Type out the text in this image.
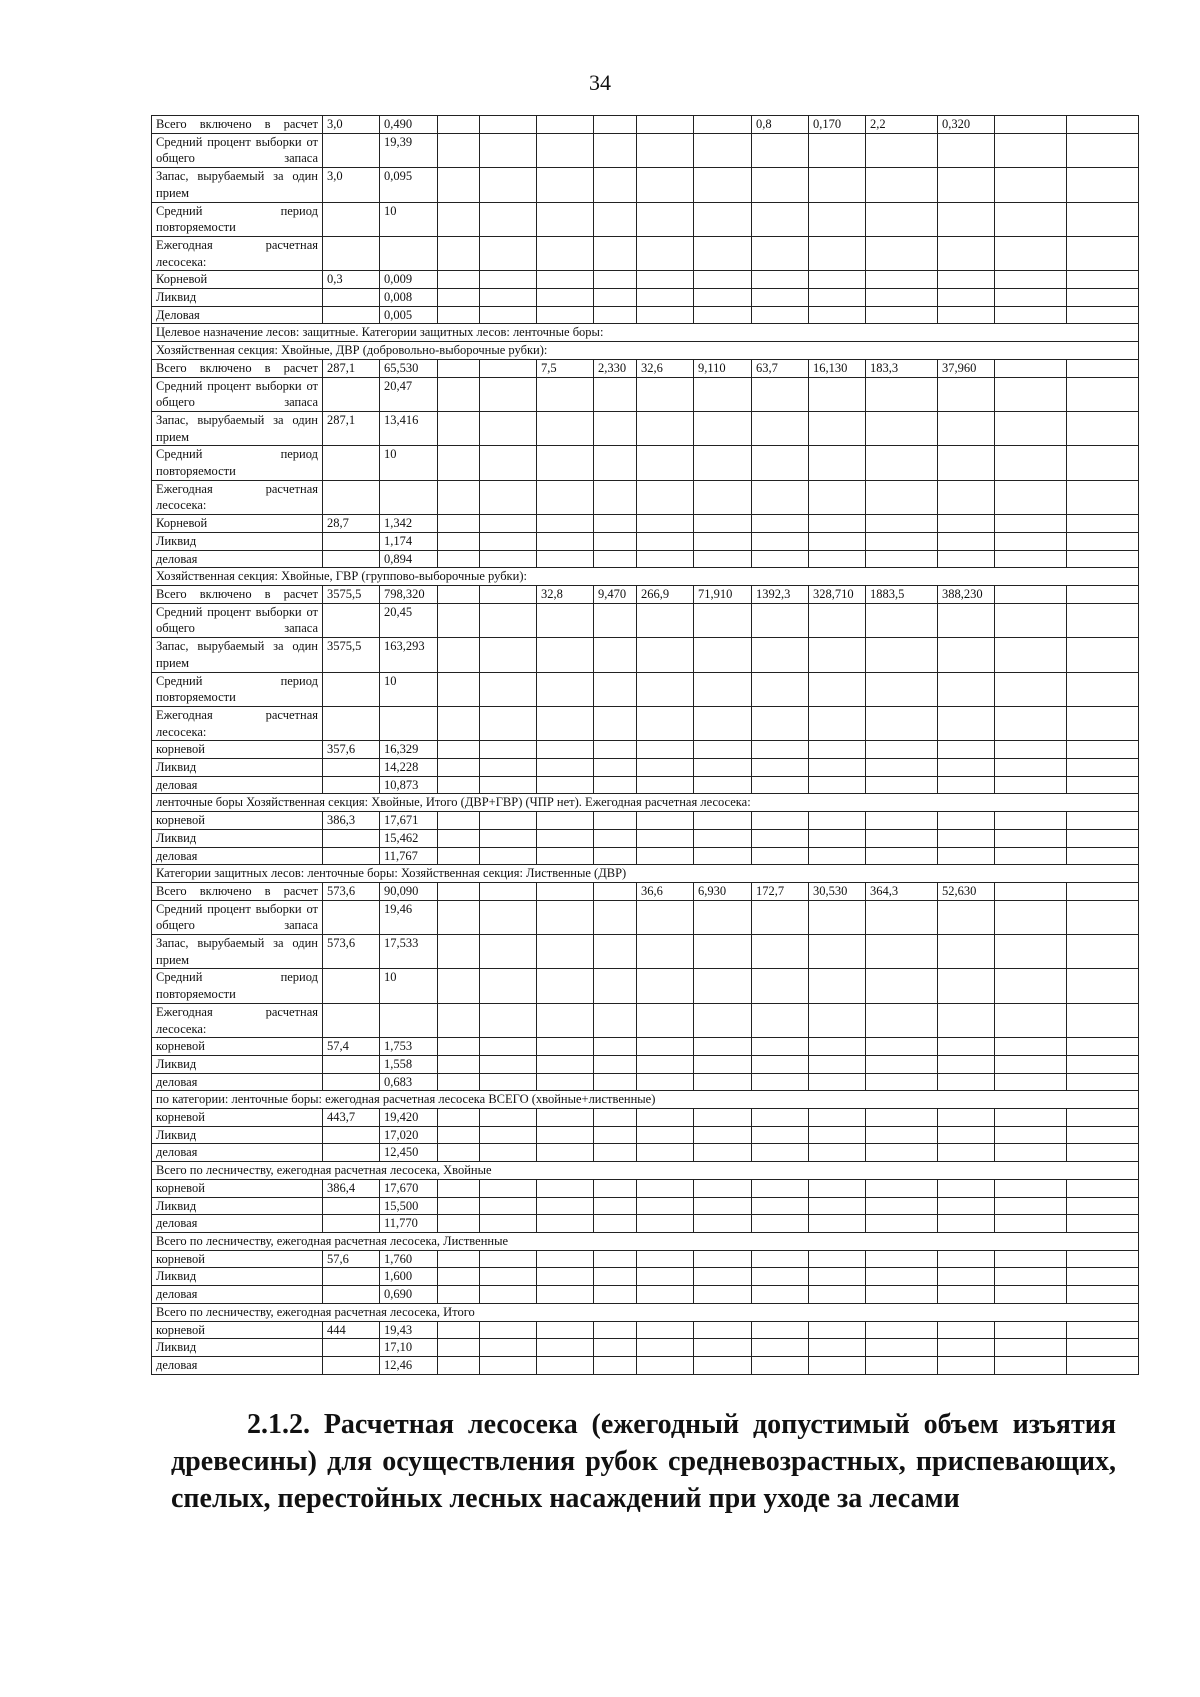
34
Всего включено в расчет	3,0	0,490							0,8	0,170	2,2	0,320		
Средний процент выборки от общего запаса		19,39												
Запас, вырубаемый за один прием	3,0	0,095												
Средний период повторяемости		10												
Ежегодная расчетная лесосека:														
Корневой	0,3	0,009												
Ликвид		0,008												
Деловая		0,005												
Целевое назначение лесов: защитные. Категории защитных лесов: ленточные боры:														
Хозяйственная секция: Хвойные, ДВР (добровольно-выборочные рубки):														
Всего включено в расчет	287,1	65,530			7,5	2,330	32,6	9,110	63,7	16,130	183,3	37,960		
Средний процент выборки от общего запаса		20,47												
Запас, вырубаемый за один прием	287,1	13,416												
Средний период повторяемости		10												
Ежегодная расчетная лесосека:														
Корневой	28,7	1,342												
Ликвид		1,174												
деловая		0,894												
Хозяйственная секция: Хвойные, ГВР (группово-выборочные рубки):														
Всего включено в расчет	3575,5	798,320			32,8	9,470	266,9	71,910	1392,3	328,710	1883,5	388,230		
Средний процент выборки от общего запаса		20,45												
Запас, вырубаемый за один прием	3575,5	163,293												
Средний период повторяемости		10												
Ежегодная расчетная лесосека:														
корневой	357,6	16,329												
Ликвид		14,228												
деловая		10,873												
ленточные боры Хозяйственная секция: Хвойные, Итого (ДВР+ГВР) (ЧПР нет). Ежегодная расчетная лесосека:														
корневой	386,3	17,671												
Ликвид		15,462												
деловая		11,767												
Категории защитных лесов: ленточные боры: Хозяйственная секция: Лиственные (ДВР)														
Всего включено в расчет	573,6	90,090					36,6	6,930	172,7	30,530	364,3	52,630		
Средний процент выборки от общего запаса		19,46												
Запас, вырубаемый за один прием	573,6	17,533												
Средний период повторяемости		10												
Ежегодная расчетная лесосека:														
корневой	57,4	1,753												
Ликвид		1,558												
деловая		0,683												
по категории: ленточные боры: ежегодная расчетная лесосека ВСЕГО (хвойные+лиственные)														
корневой	443,7	19,420												
Ликвид		17,020												
деловая		12,450												
Всего по лесничеству, ежегодная расчетная лесосека, Хвойные														
корневой	386,4	17,670												
Ликвид		15,500												
деловая		11,770												
Всего по лесничеству, ежегодная расчетная лесосека, Лиственные														
корневой	57,6	1,760												
Ликвид		1,600												
деловая		0,690												
Всего по лесничеству, ежегодная расчетная лесосека, Итого														
корневой	444	19,43												
Ликвид		17,10												
деловая		12,46												
2.1.2. Расчетная лесосека (ежегодный допустимый объем изъятия
древесины) для осуществления рубок средневозрастных, приспевающих,
спелых, перестойных лесных насаждений при уходе за лесами
